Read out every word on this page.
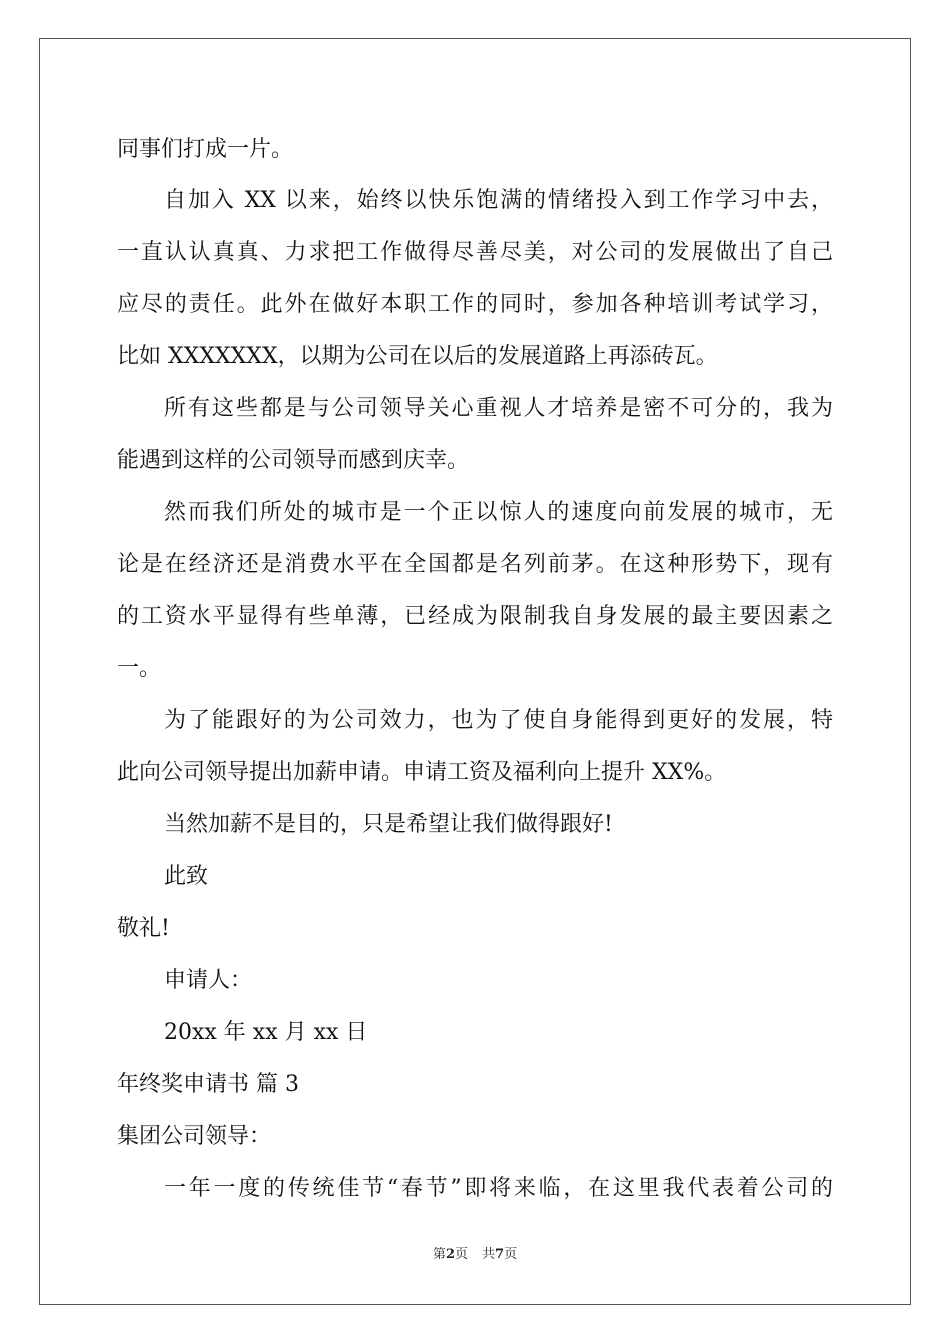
同事们打成一片。
自加入 XX 以来，始终以快乐饱满的情绪投入到工作学习中去，
一直认认真真、力求把工作做得尽善尽美，对公司的发展做出了自己
应尽的责任。此外在做好本职工作的同时，参加各种培训考试学习，
比如 XXXXXXX，以期为公司在以后的发展道路上再添砖瓦。
所有这些都是与公司领导关心重视人才培养是密不可分的，我为
能遇到这样的公司领导而感到庆幸。
然而我们所处的城市是一个正以惊人的速度向前发展的城市，无
论是在经济还是消费水平在全国都是名列前茅。在这种形势下，现有
的工资水平显得有些单薄，已经成为限制我自身发展的最主要因素之
一。
为了能跟好的为公司效力，也为了使自身能得到更好的发展，特
此向公司领导提出加薪申请。申请工资及福利向上提升 XX%。
当然加薪不是目的，只是希望让我们做得跟好!
此致
敬礼!
申请人：
20xx 年 xx 月 xx 日
年终奖申请书 篇 3
集团公司领导：
一年一度的传统佳节“春节”即将来临，在这里我代表着公司的
第2页 共7页
